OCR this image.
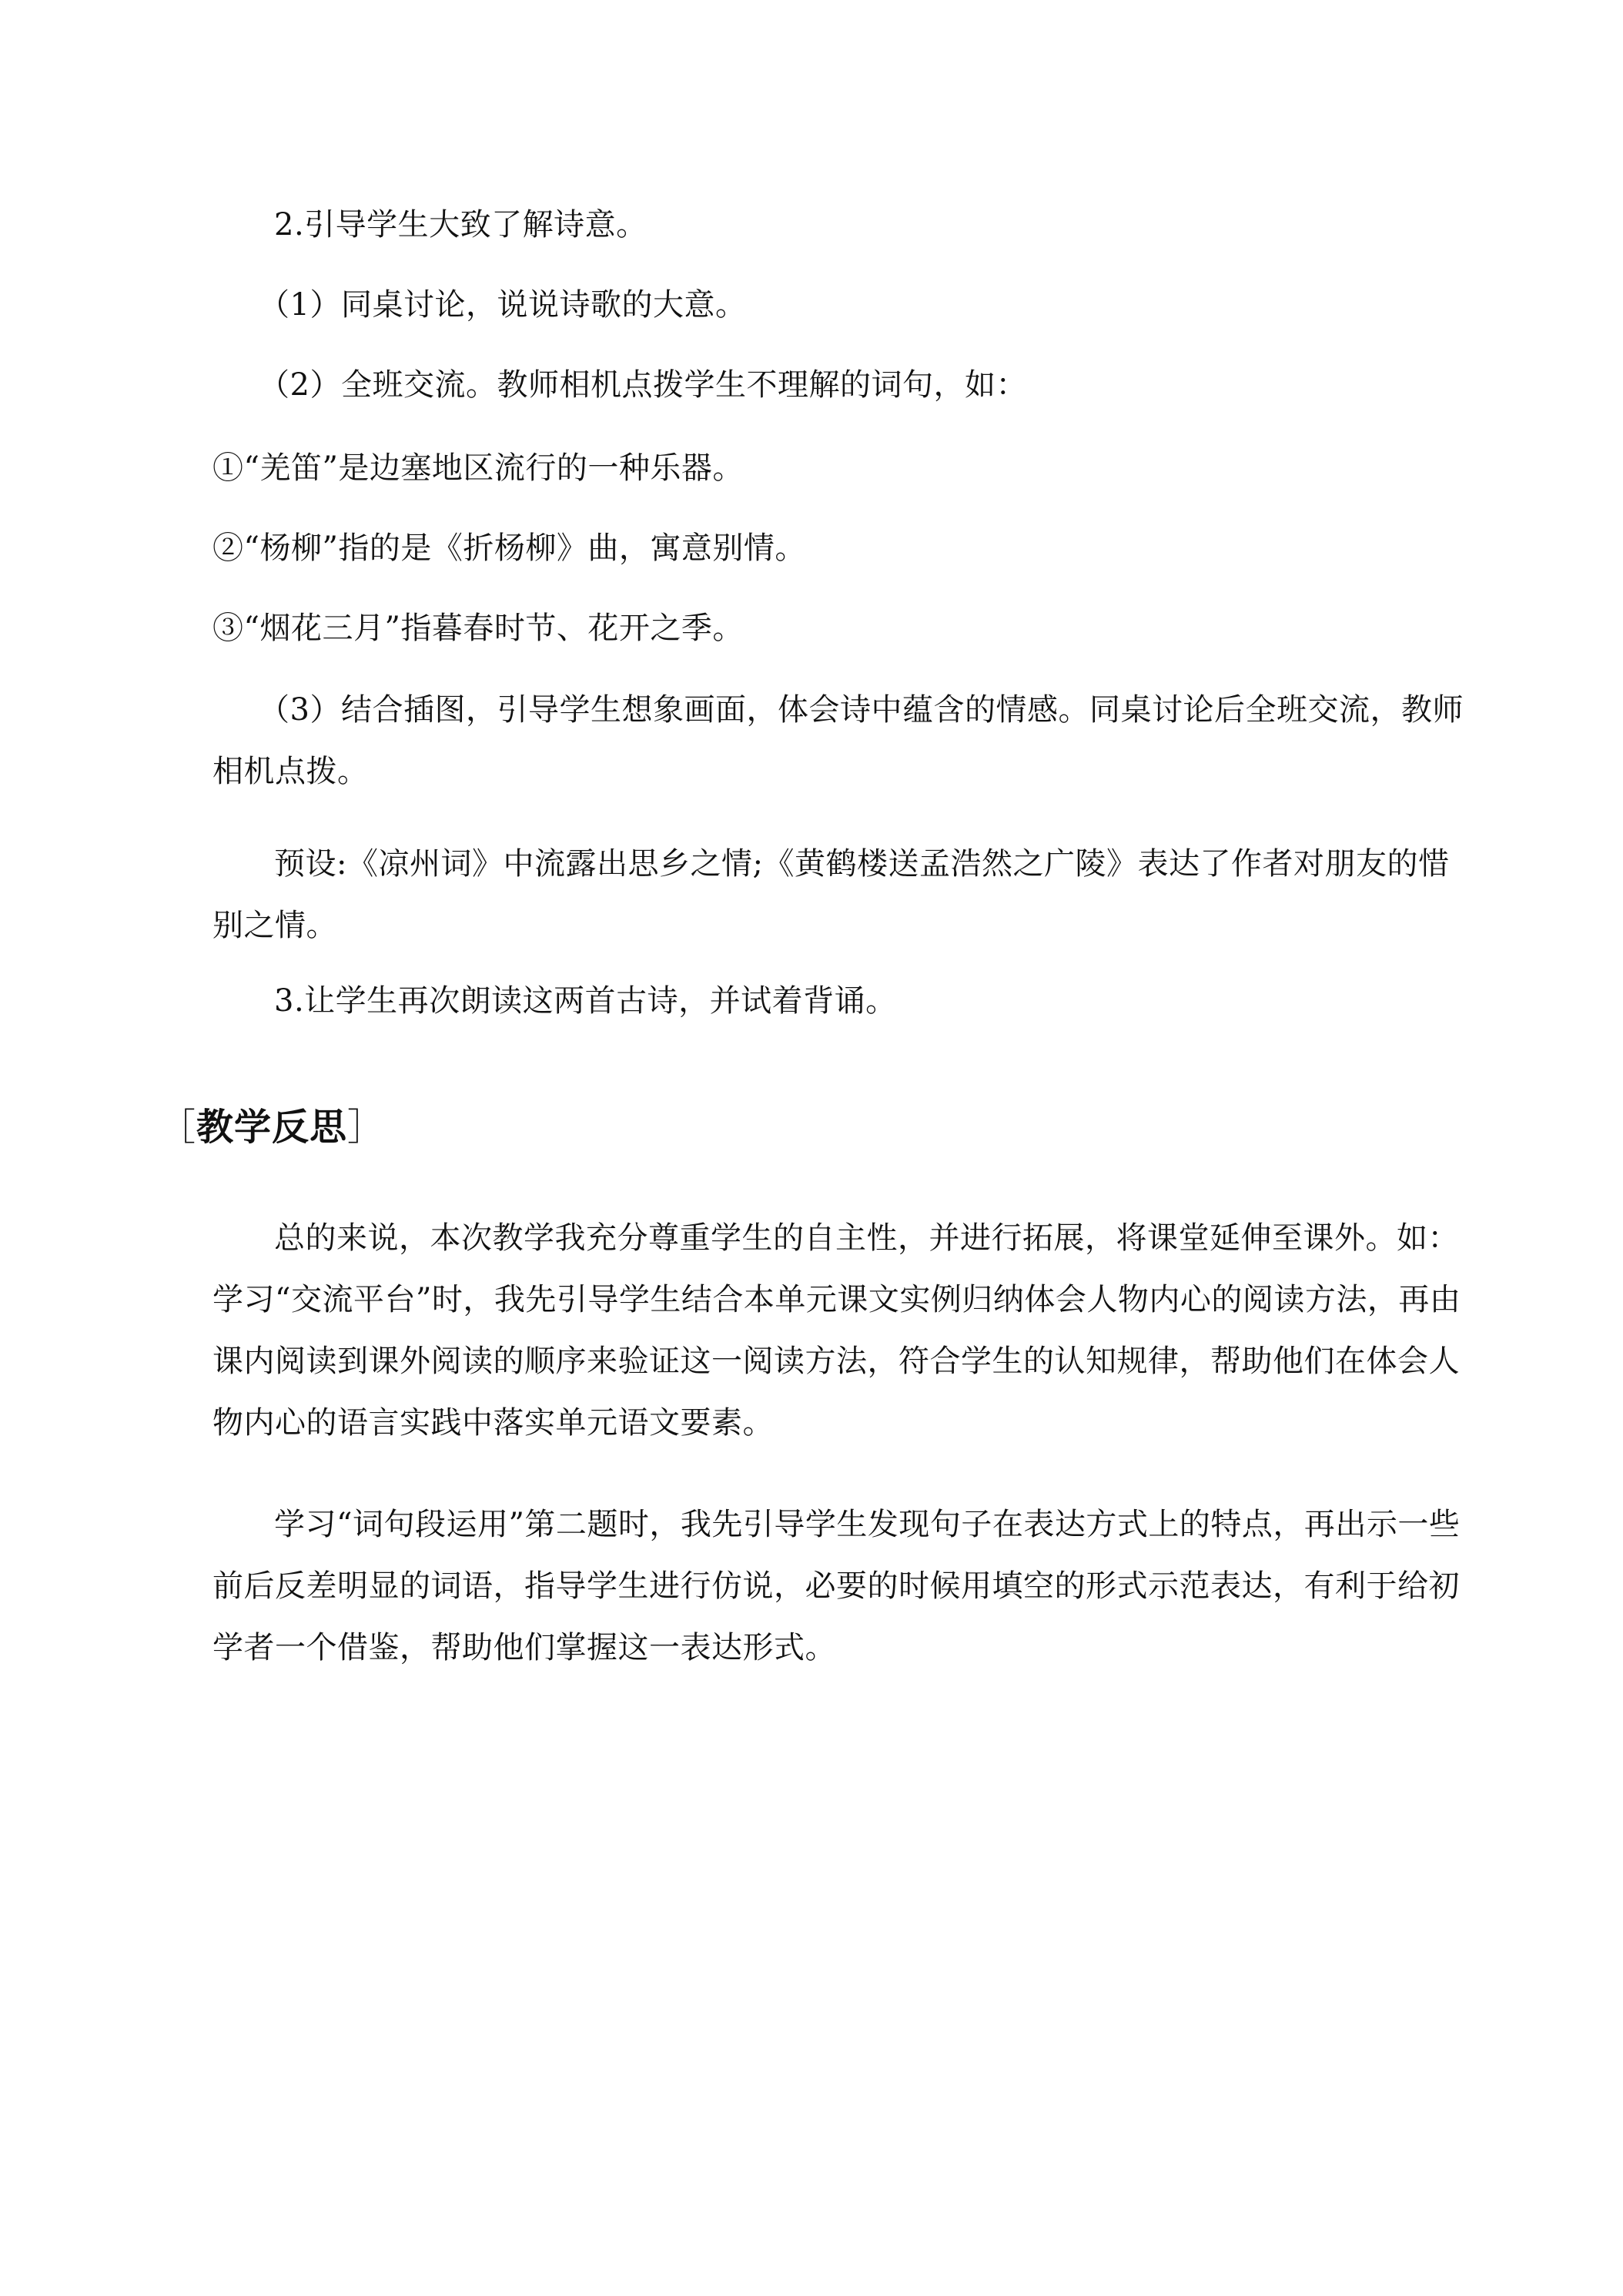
2.引导学生大致了解诗意。

（1）同桌讨论，说说诗歌的大意。

（2）全班交流。教师相机点拨学生不理解的词句，如：

①“羌笛”是边塞地区流行的一种乐器。

②“杨柳”指的是《折杨柳》曲，寓意别情。

③“烟花三月”指暮春时节、花开之季。

（3）结合插图，引导学生想象画面，体会诗中蕴含的情感。同桌讨论后全班交流，教师相机点拨。

预设:《凉州词》中流露出思乡之情;《黄鹤楼送孟浩然之广陵》表达了作者对朋友的惜别之情。

3.让学生再次朗读这两首古诗，并试着背诵。

［教学反思］

总的来说，本次教学我充分尊重学生的自主性，并进行拓展，将课堂延伸至课外。如：学习“交流平台”时，我先引导学生结合本单元课文实例归纳体会人物内心的阅读方法，再由课内阅读到课外阅读的顺序来验证这一阅读方法，符合学生的认知规律，帮助他们在体会人物内心的语言实践中落实单元语文要素。

学习“词句段运用”第二题时，我先引导学生发现句子在表达方式上的特点，再出示一些前后反差明显的词语，指导学生进行仿说，必要的时候用填空的形式示范表达，有利于给初学者一个借鉴，帮助他们掌握这一表达形式。
